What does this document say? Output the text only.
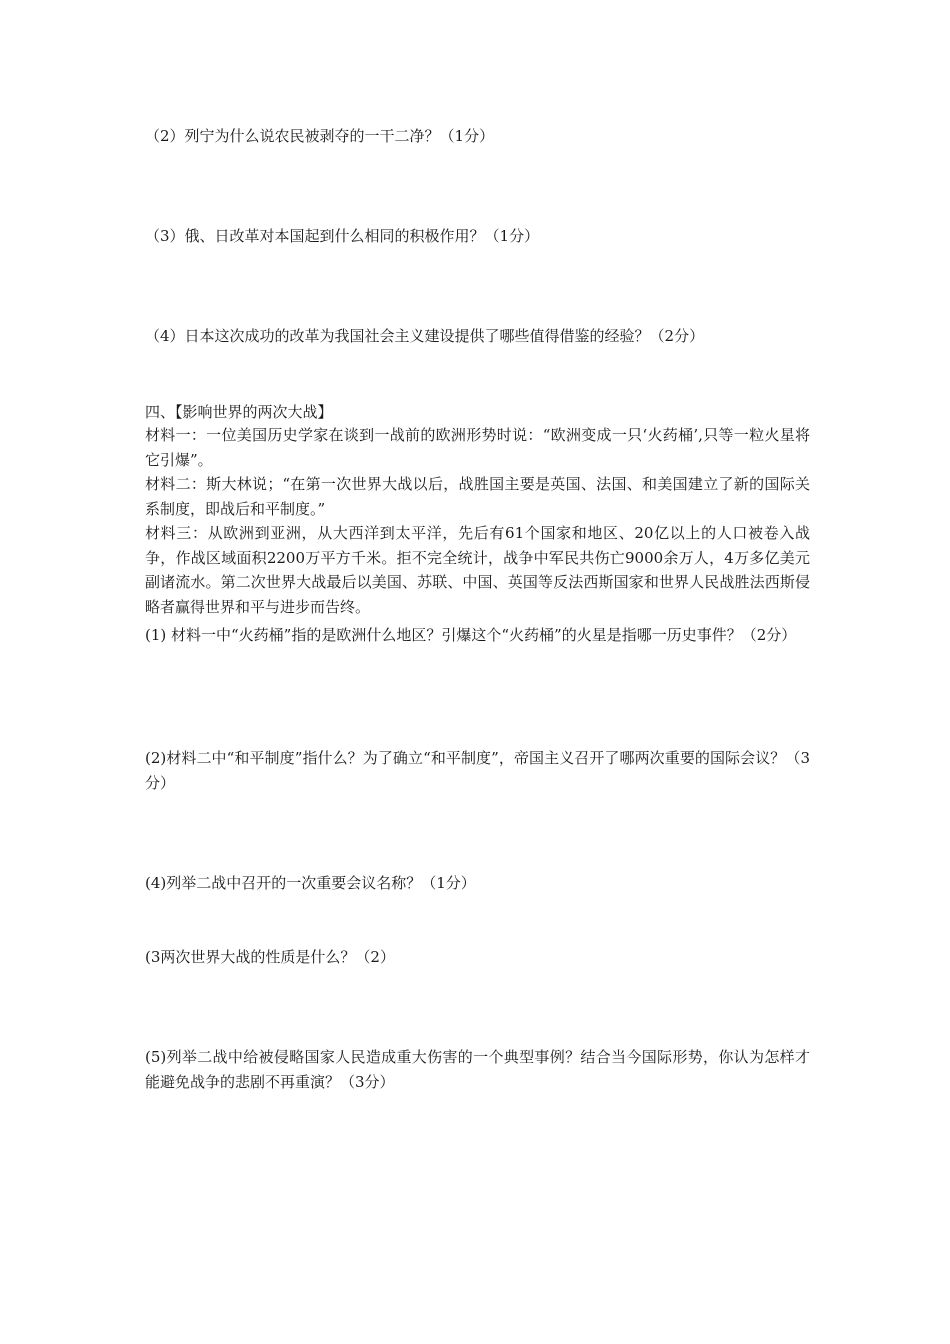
（2）列宁为什么说农民被剥夺的一干二净？（1分）
（3）俄、日改革对本国起到什么相同的积极作用？（1分）
（4）日本这次成功的改革为我国社会主义建设提供了哪些值得借鉴的经验？（2分）
四、【影响世界的两次大战】
材料一：一位美国历史学家在谈到一战前的欧洲形势时说：“欧洲变成一只‘火药桶’,只等一粒火星将它引爆”。
材料二：斯大林说；“在第一次世界大战以后，战胜国主要是英国、法国、和美国建立了新的国际关系制度，即战后和平制度。”
材料三：从欧洲到亚洲，从大西洋到太平洋，先后有61个国家和地区、20亿以上的人口被卷入战争，作战区域面积2200万平方千米。拒不完全统计，战争中军民共伤亡9000余万人，4万多亿美元副诸流水。第二次世界大战最后以美国、苏联、中国、英国等反法西斯国家和世界人民战胜法西斯侵略者赢得世界和平与进步而告终。
(1) 材料一中“火药桶”指的是欧洲什么地区？引爆这个“火药桶”的火星是指哪一历史事件？（2分）
(2)材料二中“和平制度”指什么？为了确立“和平制度”，帝国主义召开了哪两次重要的国际会议？（3分）
(4)列举二战中召开的一次重要会议名称？（1分）
(3两次世界大战的性质是什么？（2）
(5)列举二战中给被侵略国家人民造成重大伤害的一个典型事例？结合当今国际形势，你认为怎样才能避免战争的悲剧不再重演？（3分）
